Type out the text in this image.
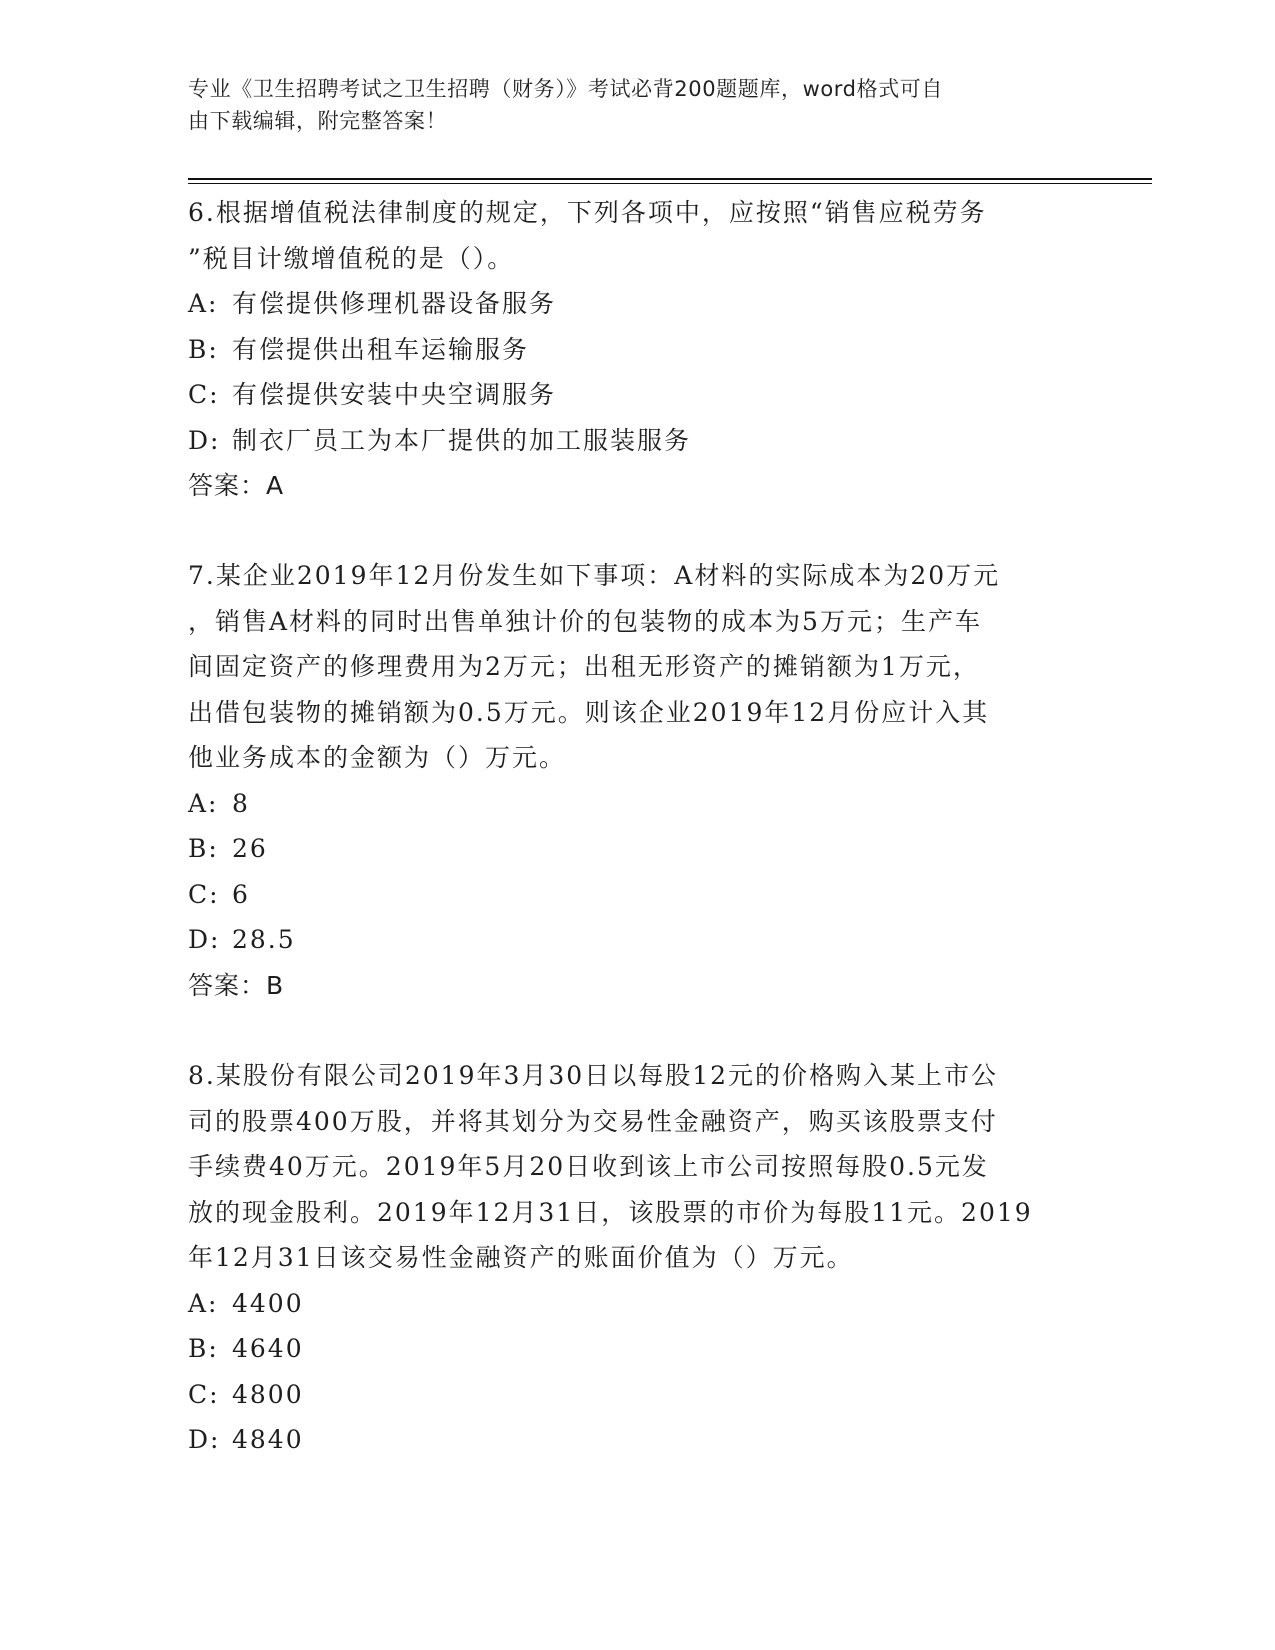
专业《卫生招聘考试之卫生招聘（财务）》考试必背200题题库，word格式可自
由下载编辑，附完整答案！

6.根据增值税法律制度的规定，下列各项中，应按照“销售应税劳务

”税目计缴增值税的是（）。

A: 有偿提供修理机器设备服务

B: 有偿提供出租车运输服务

C: 有偿提供安装中央空调服务

D: 制衣厂员工为本厂提供的加工服装服务

答案：A

7.某企业2019年12月份发生如下事项：A材料的实际成本为20万元

，销售A材料的同时出售单独计价的包装物的成本为5万元；生产车

间固定资产的修理费用为2万元；出租无形资产的摊销额为1万元，

出借包装物的摊销额为0.5万元。则该企业2019年12月份应计入其

他业务成本的金额为（）万元。

A: 8

B: 26

C: 6

D: 28.5

答案：B

8.某股份有限公司2019年3月30日以每股12元的价格购入某上市公

司的股票400万股，并将其划分为交易性金融资产，购买该股票支付

手续费40万元。2019年5月20日收到该上市公司按照每股0.5元发

放的现金股利。2019年12月31日，该股票的市价为每股11元。2019

年12月31日该交易性金融资产的账面价值为（）万元。

A: 4400

B: 4640

C: 4800

D: 4840
